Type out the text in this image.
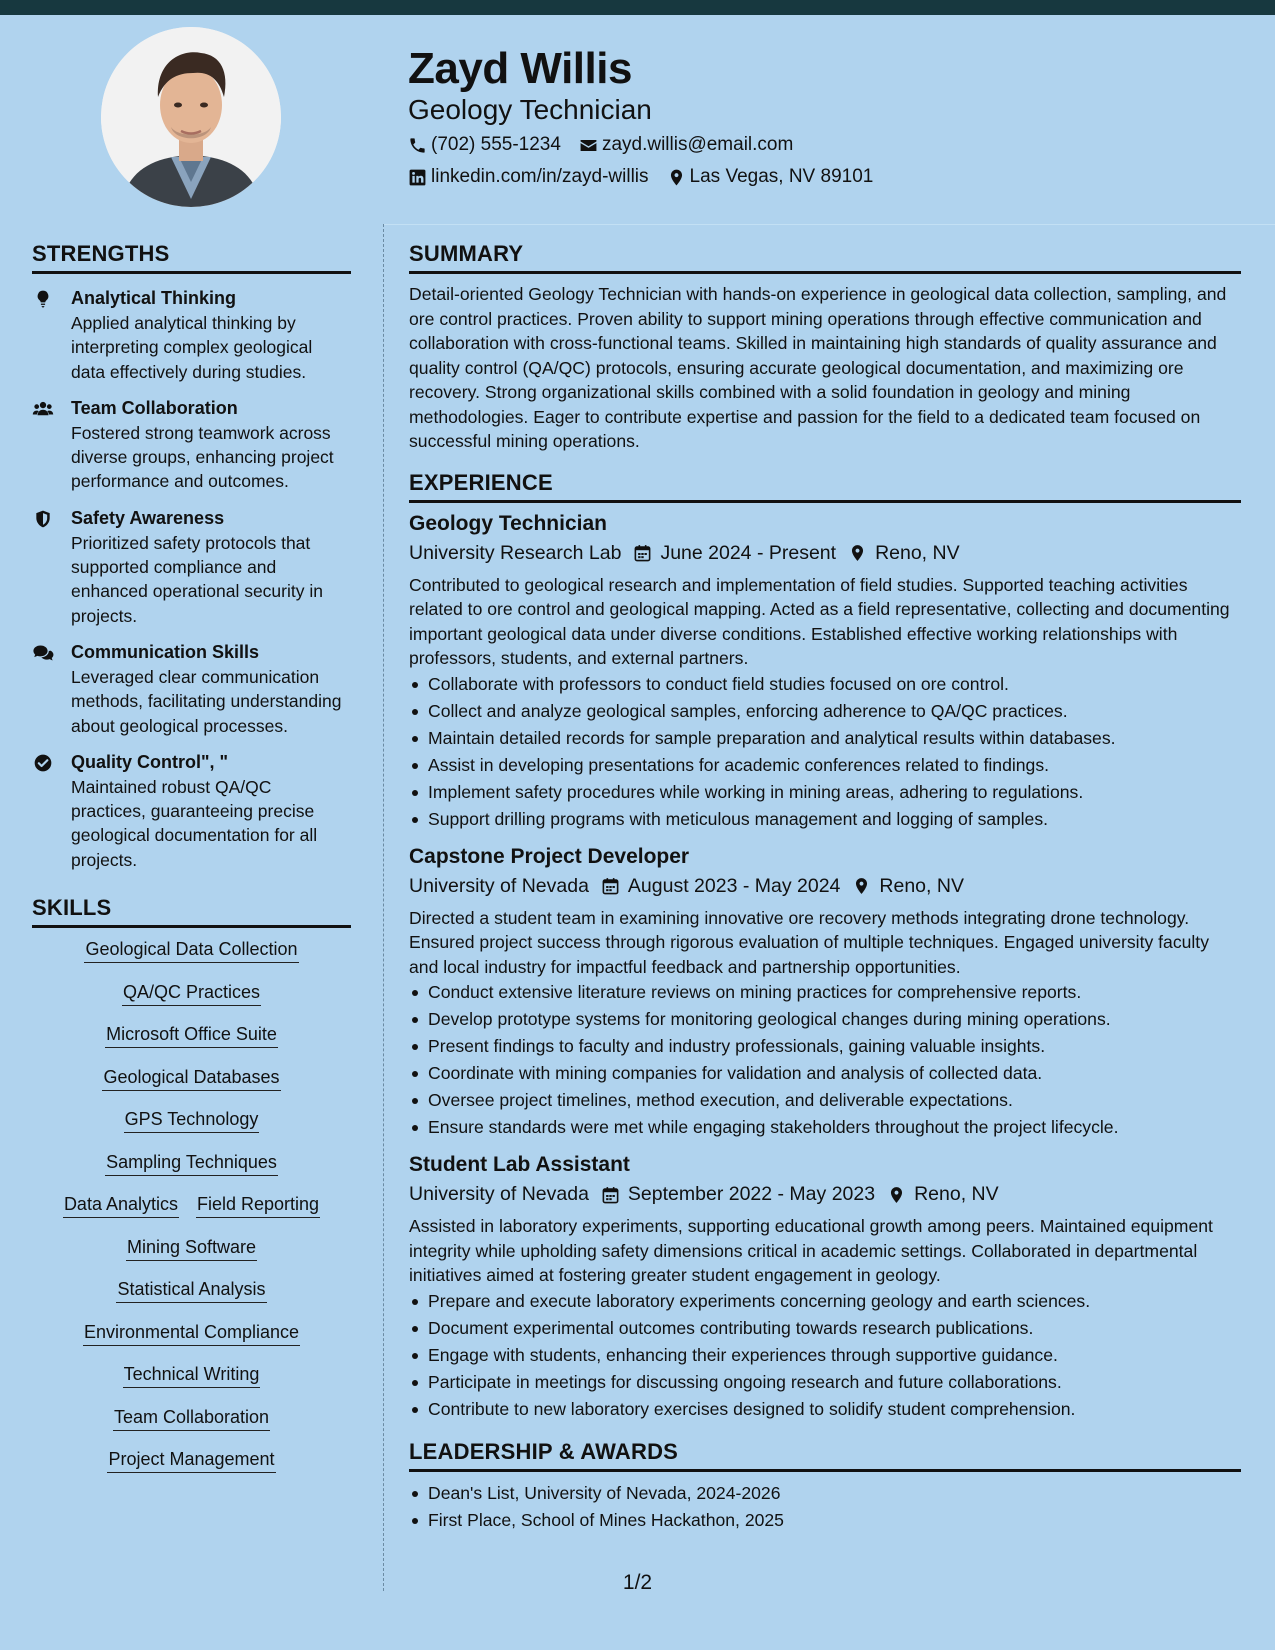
Zayd Willis
Geology Technician
(702) 555-1234 zayd.willis@email.com
linkedin.com/in/zayd-willis Las Vegas, NV 89101
STRENGTHS
Analytical Thinking
Applied analytical thinking by interpreting complex geological data effectively during studies.
Team Collaboration
Fostered strong teamwork across diverse groups, enhancing project performance and outcomes.
Safety Awareness
Prioritized safety protocols that supported compliance and enhanced operational security in projects.
Communication Skills
Leveraged clear communication methods, facilitating understanding about geological processes.
Quality Control", "
Maintained robust QA/QC practices, guaranteeing precise geological documentation for all projects.
SKILLS
Geological Data Collection
QA/QC Practices
Microsoft Office Suite
Geological Databases
GPS Technology
Sampling Techniques
Data Analytics Field Reporting
Mining Software
Statistical Analysis
Environmental Compliance
Technical Writing
Team Collaboration
Project Management
SUMMARY
Detail-oriented Geology Technician with hands-on experience in geological data collection, sampling, and ore control practices. Proven ability to support mining operations through effective communication and collaboration with cross-functional teams. Skilled in maintaining high standards of quality assurance and quality control (QA/QC) protocols, ensuring accurate geological documentation, and maximizing ore recovery. Strong organizational skills combined with a solid foundation in geology and mining methodologies. Eager to contribute expertise and passion for the field to a dedicated team focused on successful mining operations.
EXPERIENCE
Geology Technician
University Research Lab June 2024 - Present Reno, NV
Contributed to geological research and implementation of field studies. Supported teaching activities related to ore control and geological mapping. Acted as a field representative, collecting and documenting important geological data under diverse conditions. Established effective working relationships with professors, students, and external partners.
Collaborate with professors to conduct field studies focused on ore control.
Collect and analyze geological samples, enforcing adherence to QA/QC practices.
Maintain detailed records for sample preparation and analytical results within databases.
Assist in developing presentations for academic conferences related to findings.
Implement safety procedures while working in mining areas, adhering to regulations.
Support drilling programs with meticulous management and logging of samples.
Capstone Project Developer
University of Nevada August 2023 - May 2024 Reno, NV
Directed a student team in examining innovative ore recovery methods integrating drone technology. Ensured project success through rigorous evaluation of multiple techniques. Engaged university faculty and local industry for impactful feedback and partnership opportunities.
Conduct extensive literature reviews on mining practices for comprehensive reports.
Develop prototype systems for monitoring geological changes during mining operations.
Present findings to faculty and industry professionals, gaining valuable insights.
Coordinate with mining companies for validation and analysis of collected data.
Oversee project timelines, method execution, and deliverable expectations.
Ensure standards were met while engaging stakeholders throughout the project lifecycle.
Student Lab Assistant
University of Nevada September 2022 - May 2023 Reno, NV
Assisted in laboratory experiments, supporting educational growth among peers. Maintained equipment integrity while upholding safety dimensions critical in academic settings. Collaborated in departmental initiatives aimed at fostering greater student engagement in geology.
Prepare and execute laboratory experiments concerning geology and earth sciences.
Document experimental outcomes contributing towards research publications.
Engage with students, enhancing their experiences through supportive guidance.
Participate in meetings for discussing ongoing research and future collaborations.
Contribute to new laboratory exercises designed to solidify student comprehension.
LEADERSHIP & AWARDS
Dean's List, University of Nevada, 2024-2026
First Place, School of Mines Hackathon, 2025
1/2
